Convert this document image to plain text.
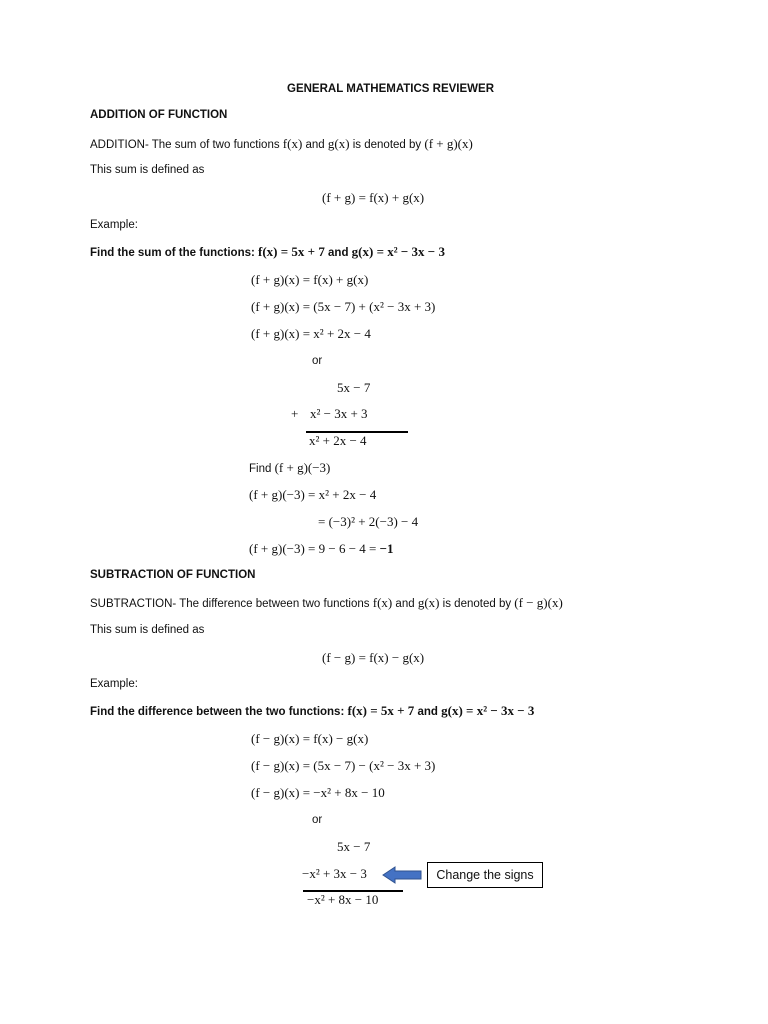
GENERAL MATHEMATICS REVIEWER
ADDITION OF FUNCTION
ADDITION- The sum of two functions f(x) and g(x) is denoted by (f + g)(x)
This sum is defined as
(f + g) = f(x) + g(x)
Example:
Find the sum of the functions: f(x) = 5x + 7 and g(x) = x² − 3x − 3
(f + g)(x) = f(x) + g(x)
(f + g)(x) = (5x − 7) + (x² − 3x + 3)
(f + g)(x) = x² + 2x − 4
or
5x − 7
+ x² − 3x + 3
x² + 2x − 4
Find (f + g)(−3)
(f + g)(−3) = x² + 2x − 4
= (−3)² + 2(−3) − 4
(f + g)(−3) = 9 − 6 − 4 = −1
SUBTRACTION OF FUNCTION
SUBTRACTION- The difference between two functions f(x) and g(x) is denoted by (f − g)(x)
This sum is defined as
(f − g) = f(x) − g(x)
Example:
Find the difference between the two functions: f(x) = 5x + 7 and g(x) = x² − 3x − 3
(f − g)(x) = f(x) − g(x)
(f − g)(x) = (5x − 7) − (x² − 3x + 3)
(f − g)(x) = −x² + 8x − 10
or
5x − 7
−x² + 3x − 3	Change the signs
−x² + 8x − 10
